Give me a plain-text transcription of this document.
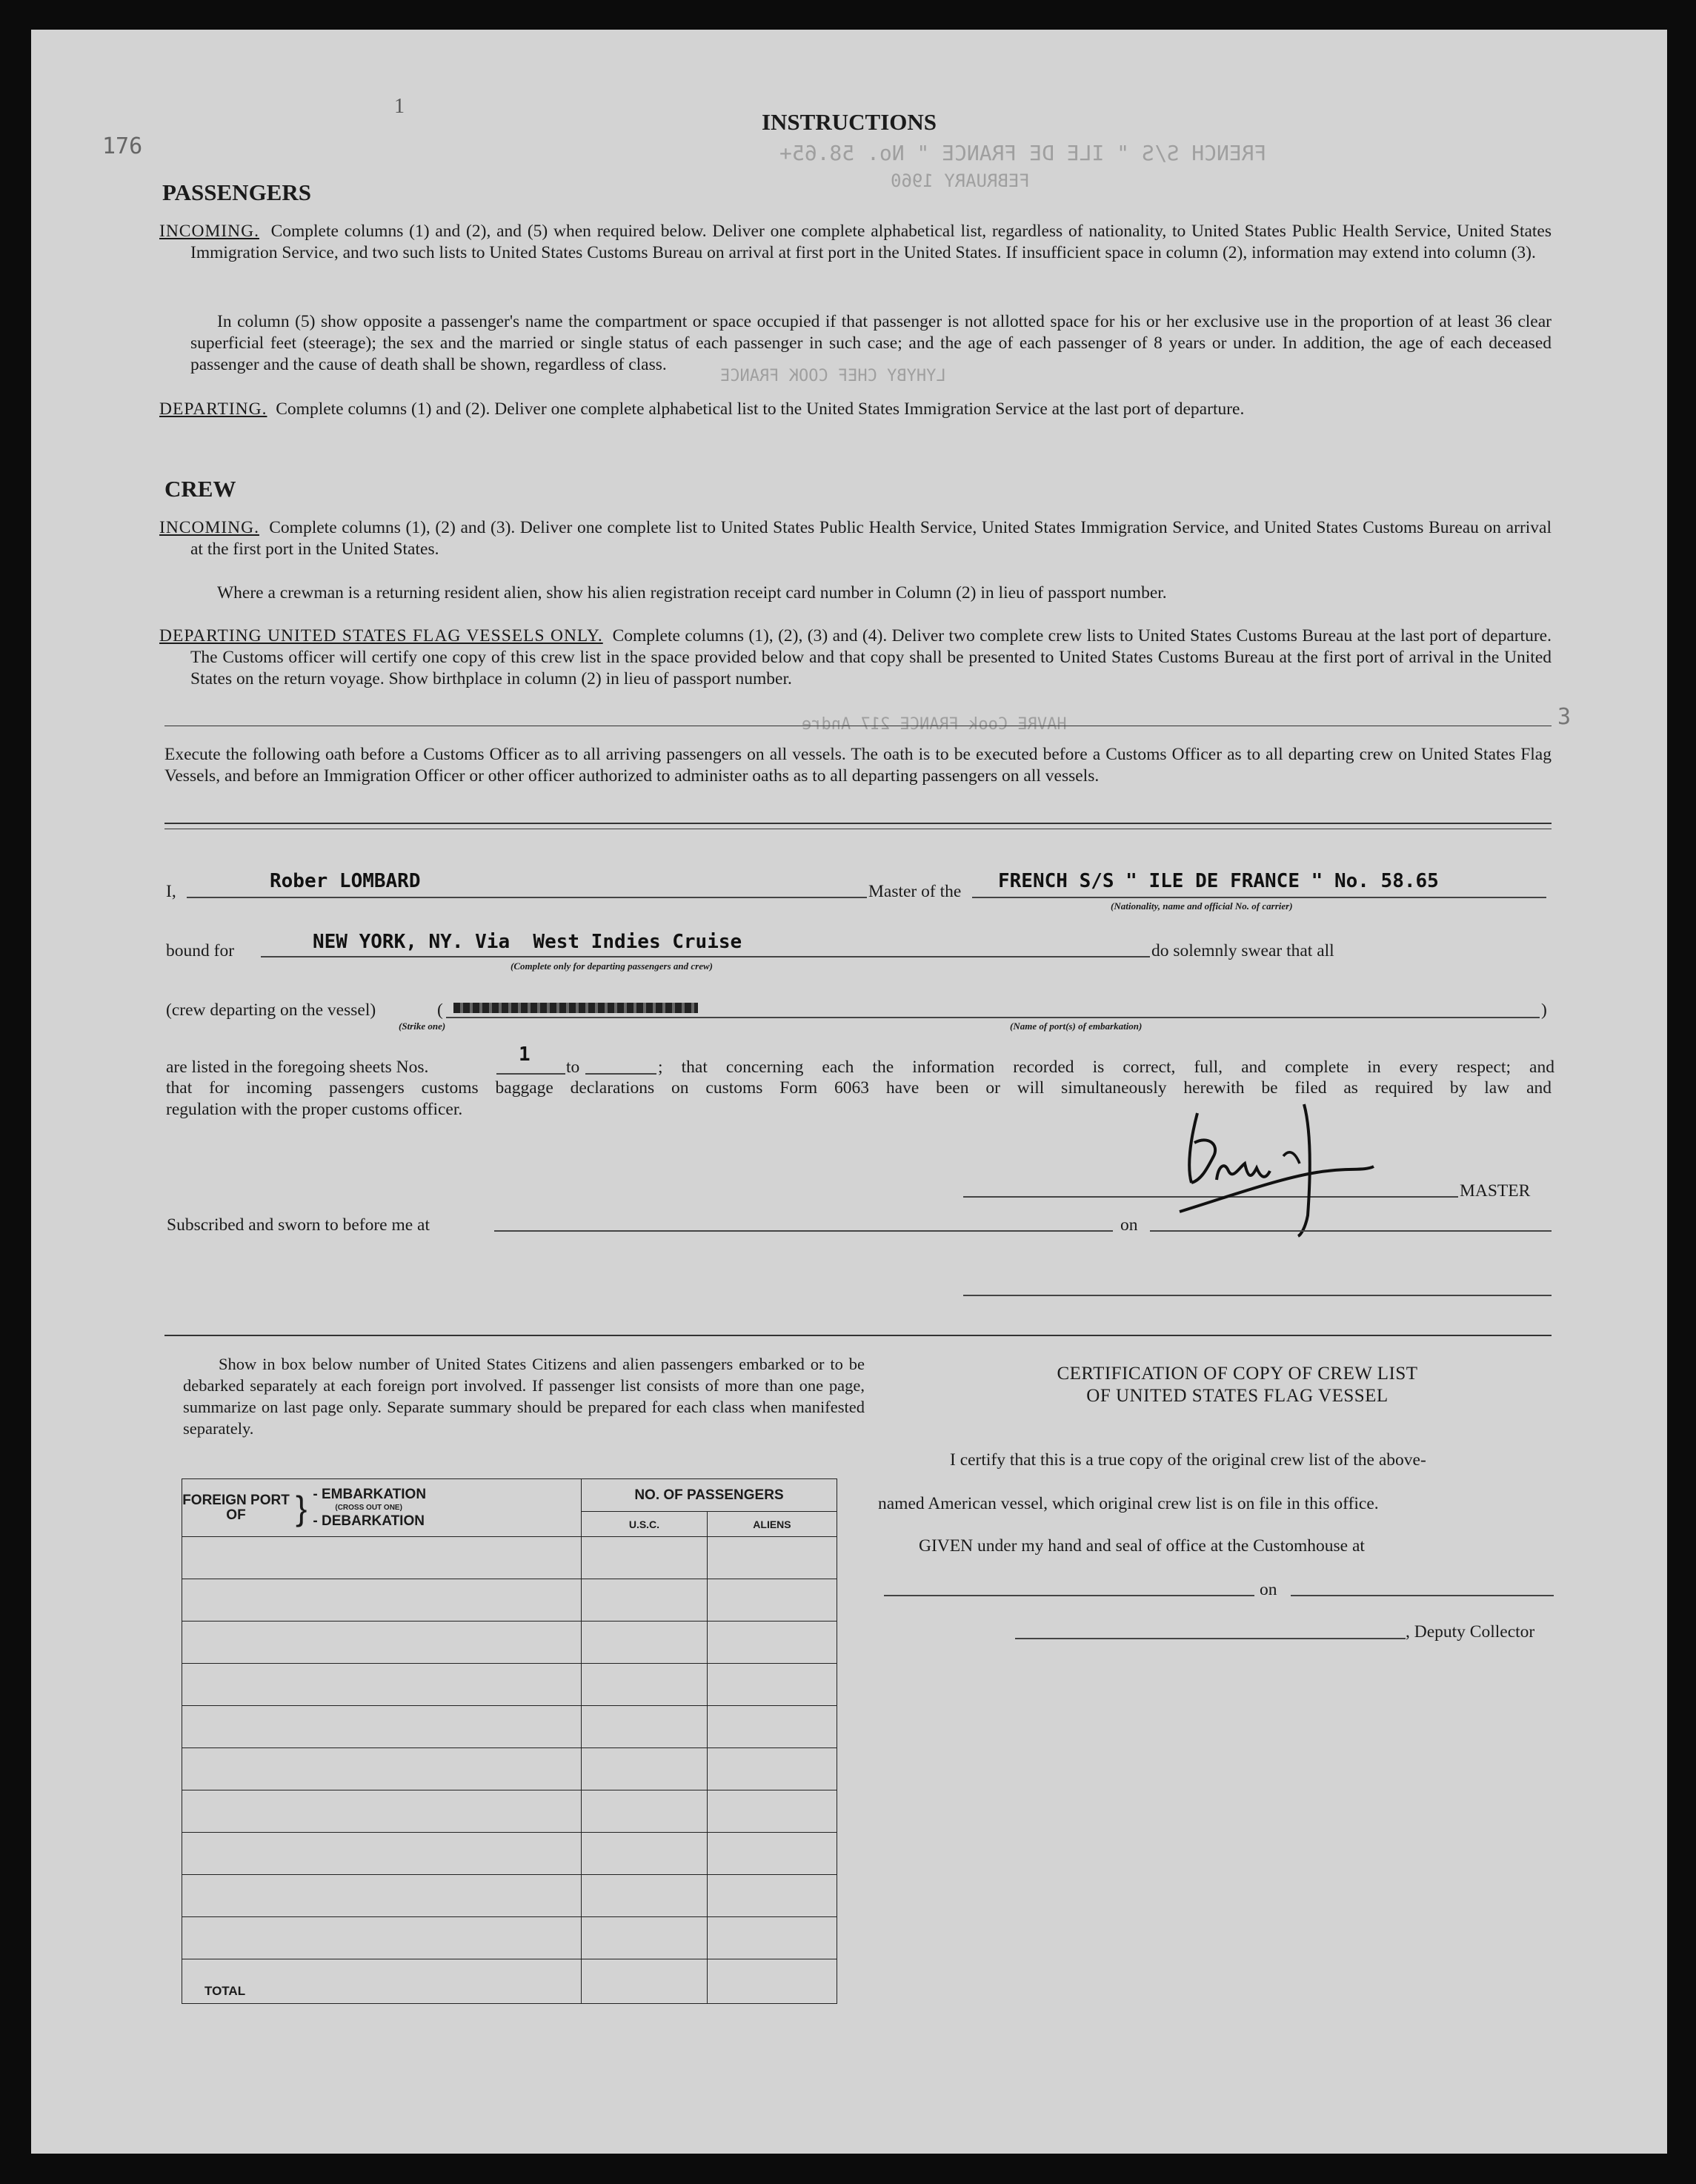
FRENCH S/S " ILE DE FRANCE " No. 58.65+
FEBRUARY 1960
LYHYBY CHEF COOK FRANCE
HAVRE Cook FRANCE 217 Andre
176
3
1
INSTRUCTIONS
PASSENGERS
INCOMING. Complete columns (1) and (2), and (5) when required below. Deliver one complete alphabetical list, regardless of nationality, to United States Public Health Service, United States Immigration Service, and two such lists to United States Customs Bureau on arrival at first port in the United States. If insufficient space in column (2), information may extend into column (3).
In column (5) show opposite a passenger's name the compartment or space occupied if that passenger is not allotted space for his or her exclusive use in the proportion of at least 36 clear superficial feet (steerage); the sex and the married or single status of each passenger in such case; and the age of each passenger of 8 years or under. In addition, the age of each deceased passenger and the cause of death shall be shown, regardless of class.
DEPARTING. Complete columns (1) and (2). Deliver one complete alphabetical list to the United States Immigration Service at the last port of departure.
CREW
INCOMING. Complete columns (1), (2) and (3). Deliver one complete list to United States Public Health Service, United States Immigration Service, and United States Customs Bureau on arrival at the first port in the United States.
Where a crewman is a returning resident alien, show his alien registration receipt card number in Column (2) in lieu of passport number.
DEPARTING UNITED STATES FLAG VESSELS ONLY. Complete columns (1), (2), (3) and (4). Deliver two complete crew lists to United States Customs Bureau at the last port of departure. The Customs officer will certify one copy of this crew list in the space provided below and that copy shall be presented to United States Customs Bureau at the first port of arrival in the United States on the return voyage. Show birthplace in column (2) in lieu of passport number.
Execute the following oath before a Customs Officer as to all arriving passengers on all vessels. The oath is to be executed before a Customs Officer as to all departing crew on United States Flag Vessels, and before an Immigration Officer or other officer authorized to administer oaths as to all departing passengers on all vessels.
I,	Rober LOMBARD	Master of the FRENCH S/S " ILE DE FRANCE " No. 58.65
(Nationality, name and official No. of carrier)
bound for	NEW YORK, NY. Via  West Indies Cruise
(Complete only for departing passengers and crew)
do solemnly swear that all
(crew departing on the vessel)	(	)
(Strike one)	(Name of port(s) of embarkation)
are listed in the foregoing sheets Nos.
1
to	; that concerning each the information recorded is correct, full, and complete in every respect; and
that for incoming passengers customs baggage declarations on customs Form 6063 have been or will simultaneously herewith be filed as required by law and
regulation with the proper customs officer.
MASTER
Subscribed and sworn to before me at	on
Show in box below number of United States Citizens and alien passengers embarked or to be debarked separately at each foreign port involved. If passenger list consists of more than one page, summarize on last page only. Separate summary should be prepared for each class when manifested separately.
FOREIGN PORT OF } - EMBARKATION
(CROSS OUT ONE)
- DEBARKATION	NO. OF PASSENGERS	
	U.S.C.	ALIENS

TOTAL		
CERTIFICATION OF COPY OF CREW LIST
OF UNITED STATES FLAG VESSEL
I certify that this is a true copy of the original crew list of the above-
named American vessel, which original crew list is on file in this office.
GIVEN under my hand and seal of office at the Customhouse at
on
, Deputy Collector
